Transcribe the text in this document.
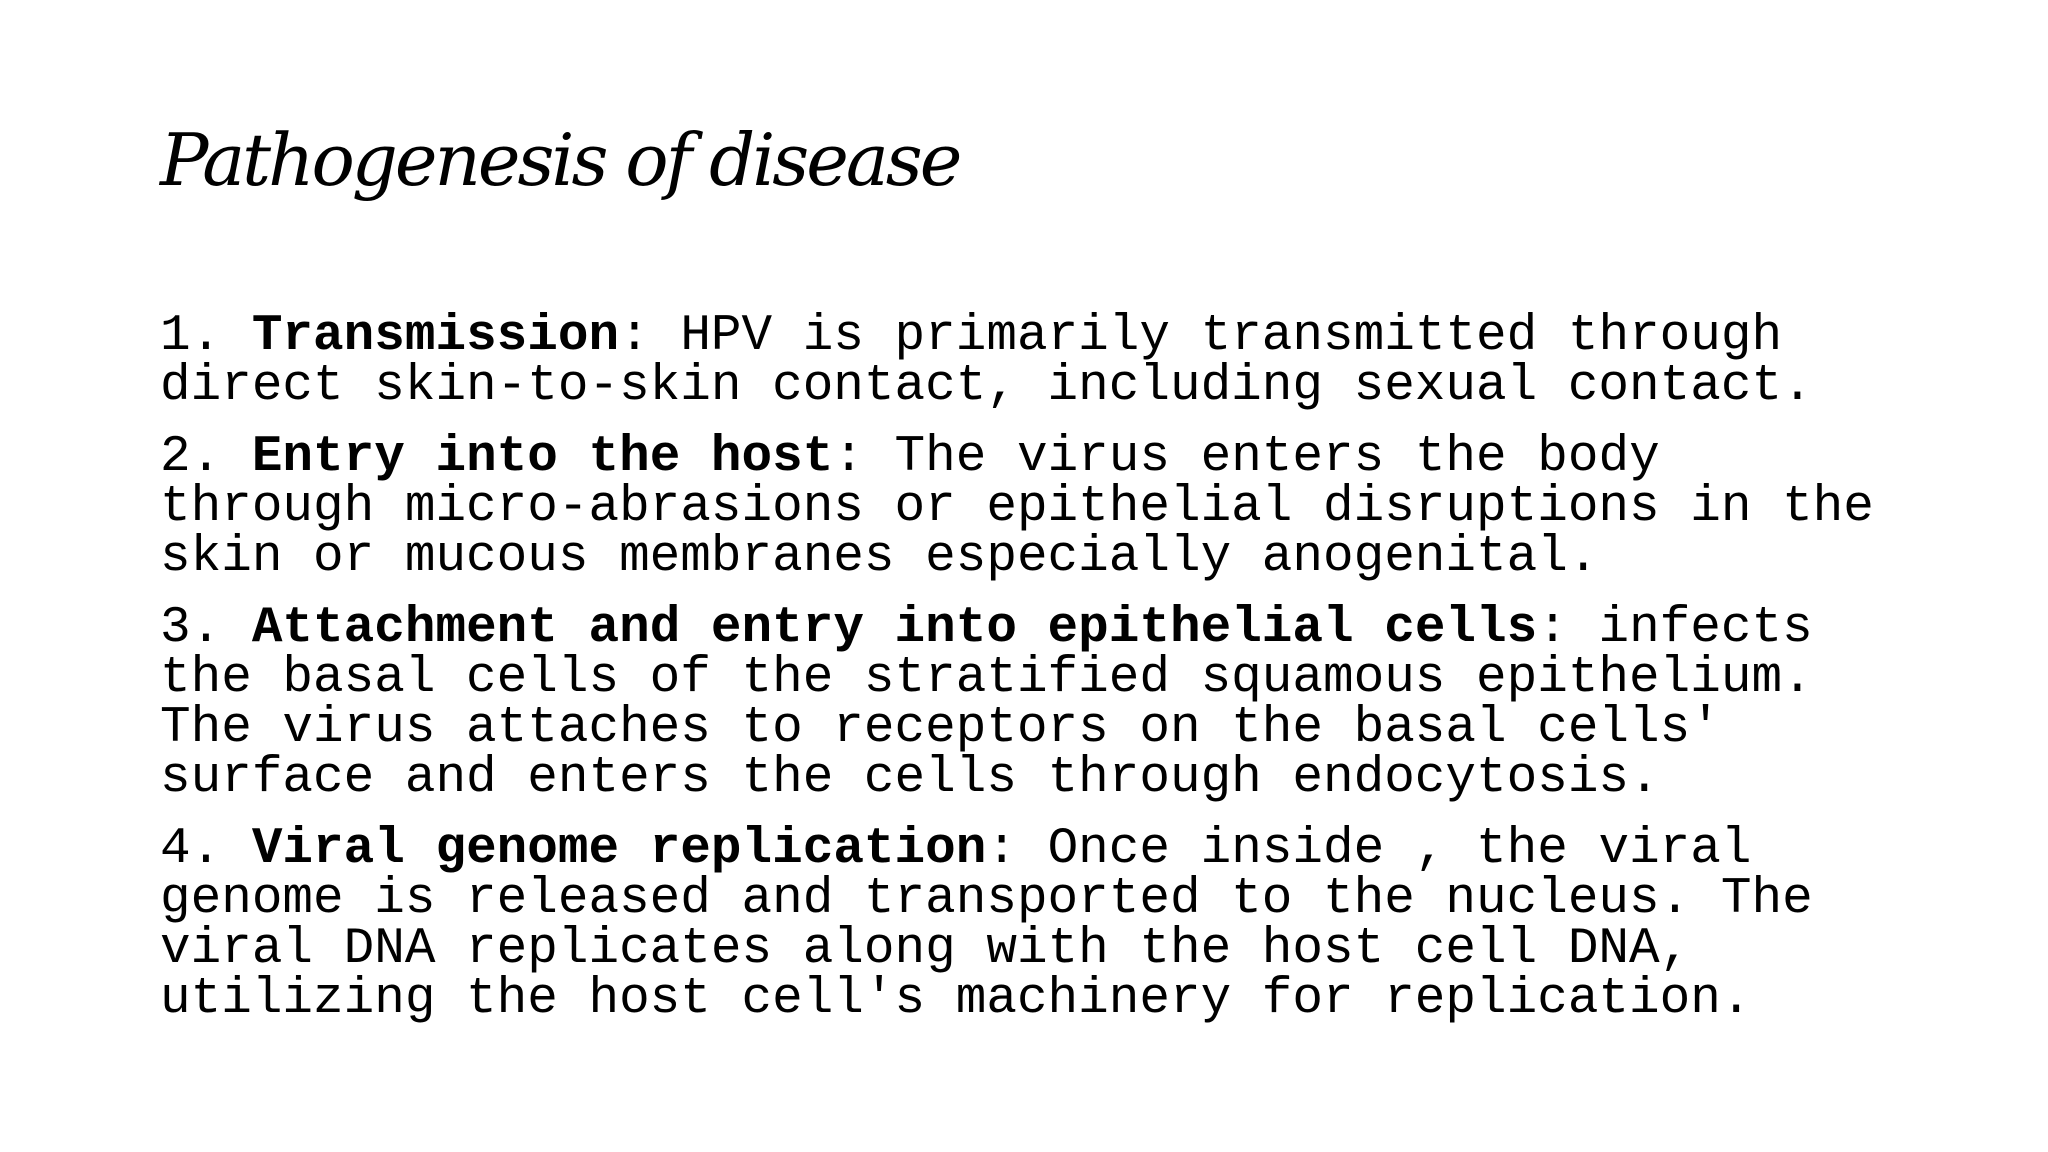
Pathogenesis of disease
1. Transmission: HPV is primarily transmitted through
direct skin-to-skin contact, including sexual contact.
2. Entry into the host: The virus enters the body
through micro-abrasions or epithelial disruptions in the
skin or mucous membranes especially anogenital.
3. Attachment and entry into epithelial cells: infects
the basal cells of the stratified squamous epithelium.
The virus attaches to receptors on the basal cells'
surface and enters the cells through endocytosis.
4. Viral genome replication: Once inside , the viral
genome is released and transported to the nucleus. The
viral DNA replicates along with the host cell DNA,
utilizing the host cell's machinery for replication.
